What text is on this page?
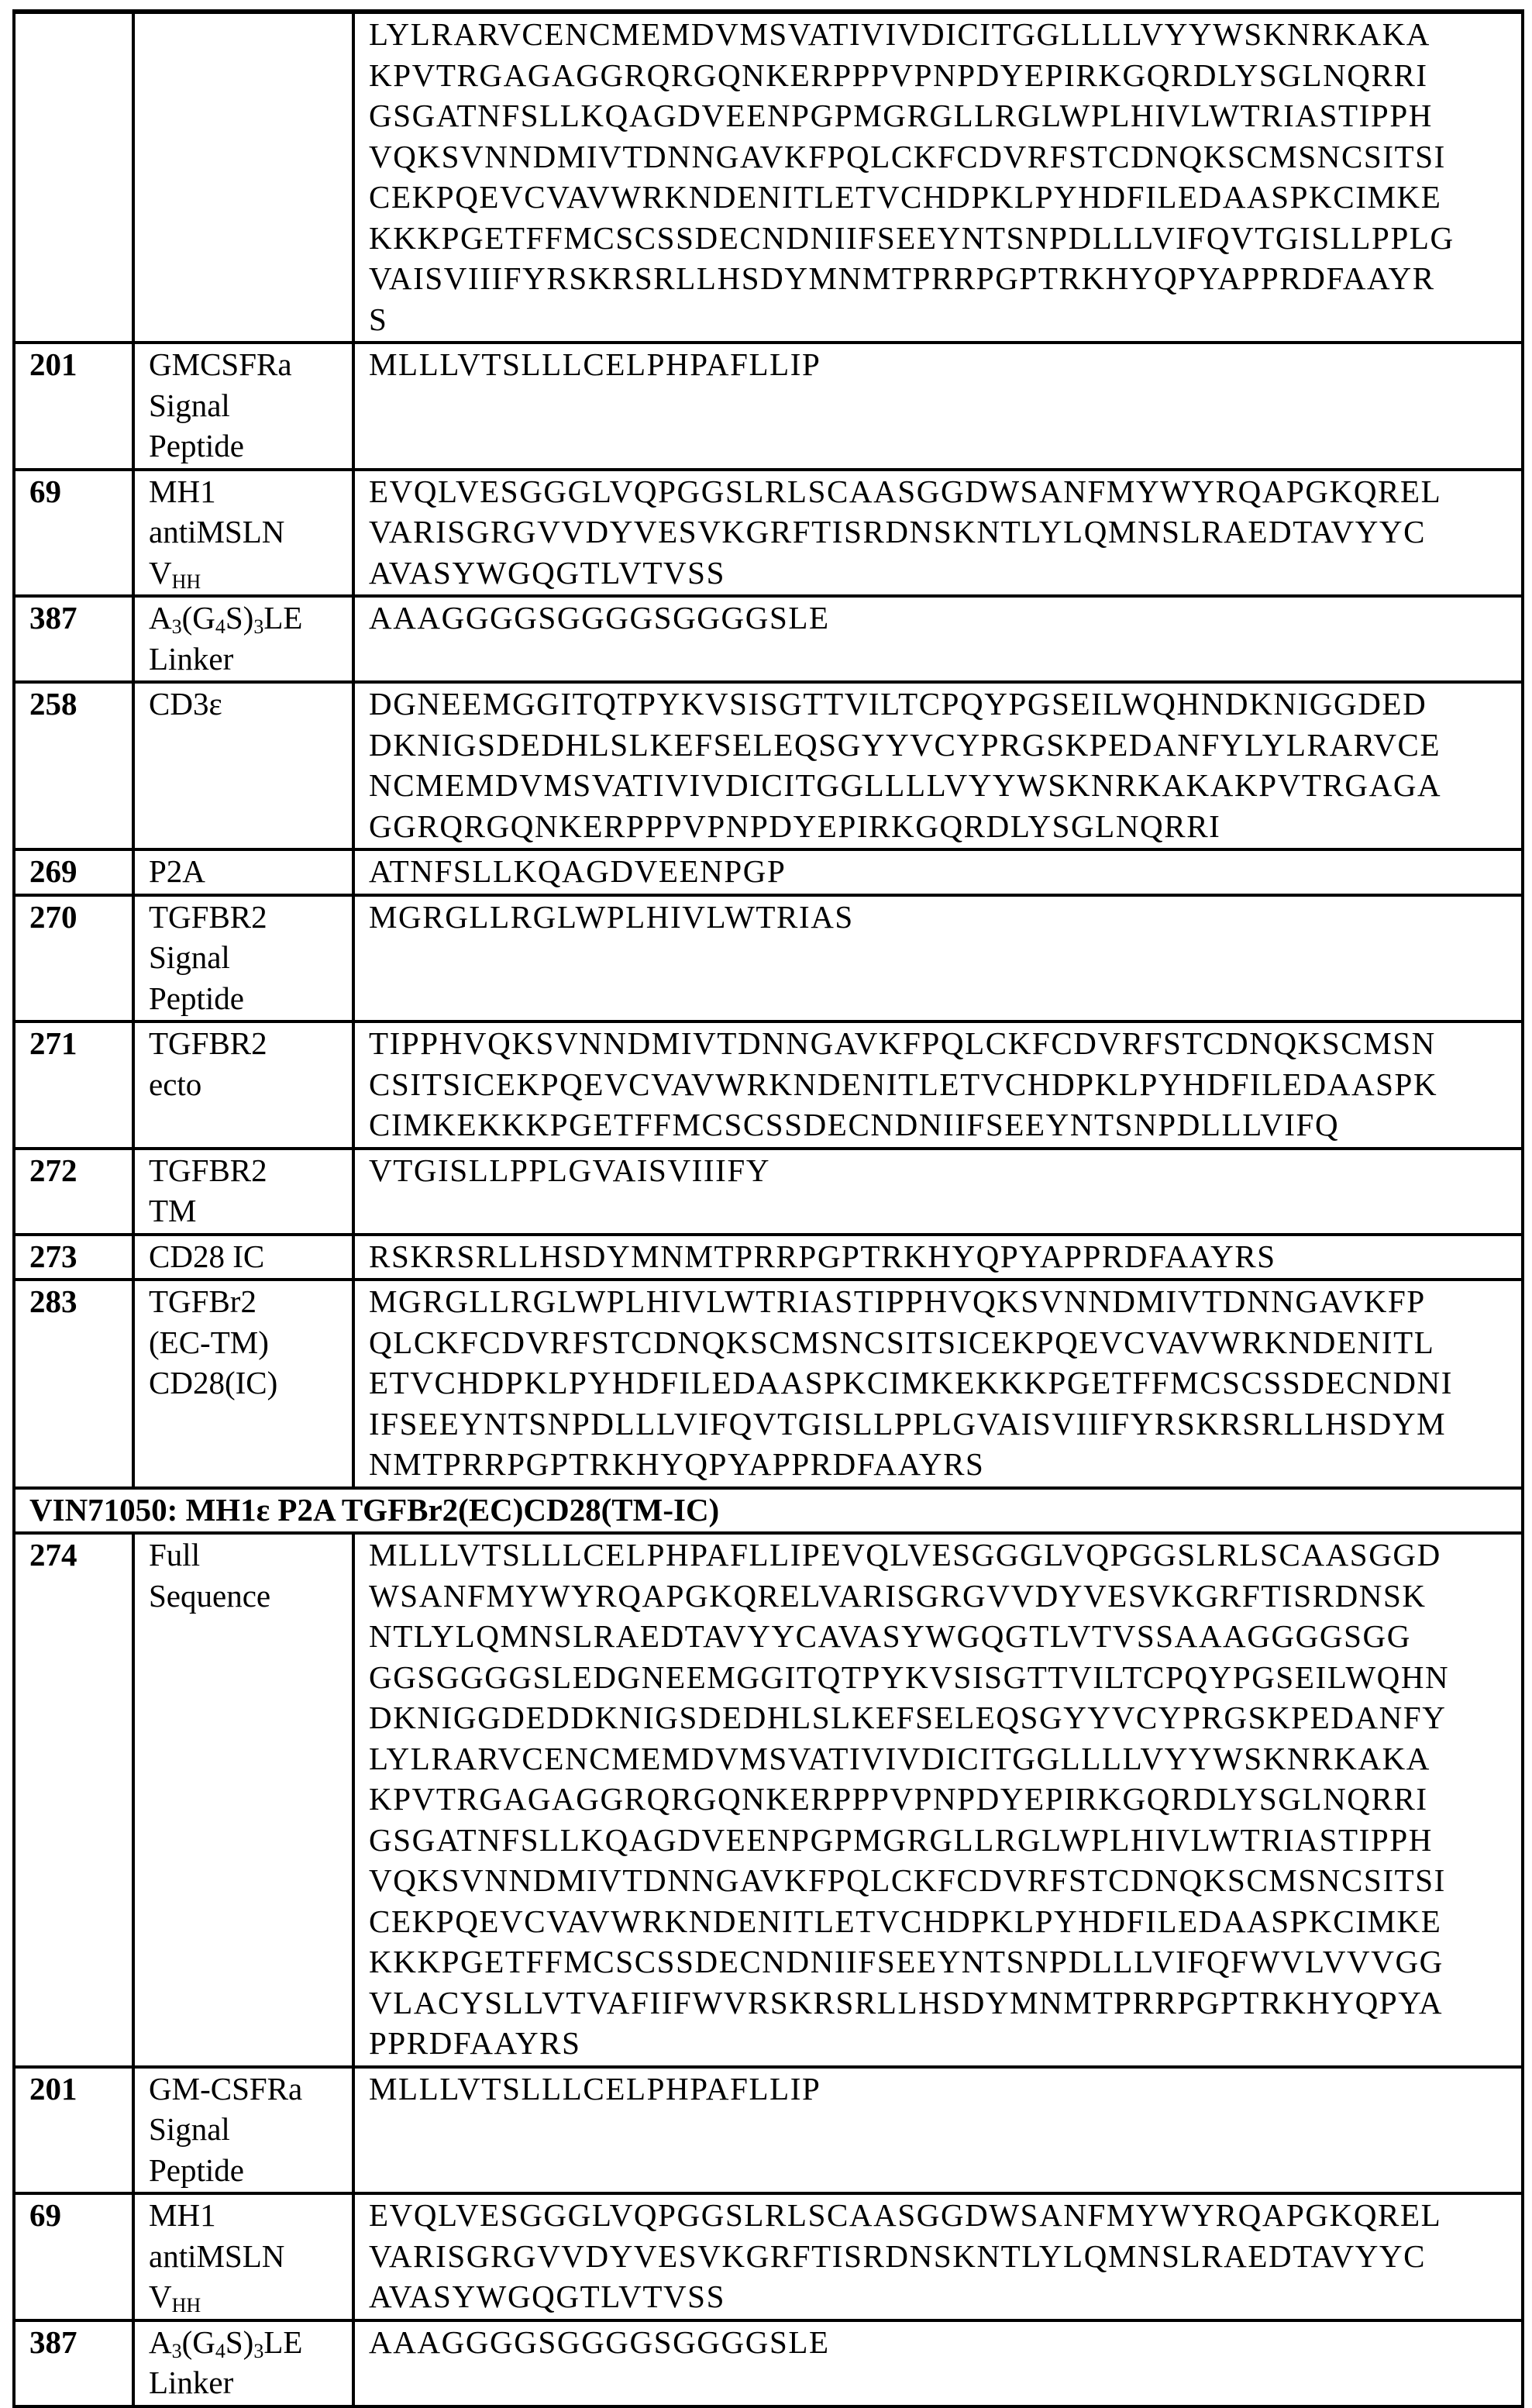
LYLRARVCENCMEMDVMSVATIVIVDICITGGLLLLVYYWSKNRKAKA
KPVTRGAGAGGRQRGQNKERPPPVPNPDYEPIRKGQRDLYSGLNQRRI
GSGATNFSLLKQAGDVEENPGPMGRGLLRGLWPLHIVLWTRIASTIPPH
VQKSVNNDMIVTDNNGAVKFPQLCKFCDVRFSTCDNQKSCMSNCSITSI
CEKPQEVCVAVWRKNDENITLETVCHDPKLPYHDFILEDAASPKCIMKE
KKKPGETFFMCSCSSDECNDNIIFSEEYNTSNPDLLLVIFQVTGISLLPPLG
VAISVIIIFYRSKRSRLLHSDYMNMTPRRPGPTRKHYQPYAPPRDFAAYR
S

201	GMCSFRa
Signal
Peptide

MLLLVTSLLLCELPHPAFLLIP

69	MH1
antiMSLN
VHH

EVQLVESGGGLVQPGGSLRLSCAASGGDWSANFMYWYRQAPGKQREL
VARISGRGVVDYVESVKGRFTISRDNSKNTLYLQMNSLRAEDTAVYYC
AVASYWGQGTLVTVSS

387	A3(G4S)3LE
Linker

AAAGGGGSGGGGSGGGGSLE

258	CD3ε	DGNEEMGGITQTPYKVSISGTTVILTCPQYPGSEILWQHNDKNIGGDED
DKNIGSDEDHLSLKEFSELEQSGYYVCYPRGSKPEDANFYLYLRARVCE
NCMEMDVMSVATIVIVDICITGGLLLLVYYWSKNRKAKAKPVTRGAGA
GGRQRGQNKERPPPVPNPDYEPIRKGQRDLYSGLNQRRI

269	P2A	ATNFSLLKQAGDVEENPGP

270	TGFBR2
Signal
Peptide

MGRGLLRGLWPLHIVLWTRIAS

271	TGFBR2
ecto

TIPPHVQKSVNNDMIVTDNNGAVKFPQLCKFCDVRFSTCDNQKSCMSN
CSITSICEKPQEVCVAVWRKNDENITLETVCHDPKLPYHDFILEDAASPK
CIMKEKKKPGETFFMCSCSSDECNDNIIFSEEYNTSNPDLLLVIFQ

272	TGFBR2
TM

VTGISLLPPLGVAISVIIIFY

273	CD28 IC	RSKRSRLLHSDYMNMTPRRPGPTRKHYQPYAPPRDFAAYRS

283	TGFBr2
(EC-TM)
CD28(IC)

MGRGLLRGLWPLHIVLWTRIASTIPPHVQKSVNNDMIVTDNNGAVKFP
QLCKFCDVRFSTCDNQKSCMSNCSITSICEKPQEVCVAVWRKNDENITL
ETVCHDPKLPYHDFILEDAASPKCIMKEKKKPGETFFMCSCSSDECNDNI
IFSEEYNTSNPDLLLVIFQVTGISLLPPLGVAISVIIIFYRSKRSRLLHSDYM
NMTPRRPGPTRKHYQPYAPPRDFAAYRS

VIN71050: MH1ε P2A TGFBr2(EC)CD28(TM-IC)
274	Full
Sequence

MLLLVTSLLLCELPHPAFLLIPEVQLVESGGGLVQPGGSLRLSCAASGGD
WSANFMYWYRQAPGKQRELVARISGRGVVDYVESVKGRFTISRDNSK
NTLYLQMNSLRAEDTAVYYCAVASYWGQGTLVTVSSAAAGGGGSGG
GGSGGGGSLEDGNEEMGGITQTPYKVSISGTTVILTCPQYPGSEILWQHN
DKNIGGDEDDKNIGSDEDHLSLKEFSELEQSGYYVCYPRGSKPEDANFY
LYLRARVCENCMEMDVMSVATIVIVDICITGGLLLLVYYWSKNRKAKA
KPVTRGAGAGGRQRGQNKERPPPVPNPDYEPIRKGQRDLYSGLNQRRI
GSGATNFSLLKQAGDVEENPGPMGRGLLRGLWPLHIVLWTRIASTIPPH
VQKSVNNDMIVTDNNGAVKFPQLCKFCDVRFSTCDNQKSCMSNCSITSI
CEKPQEVCVAVWRKNDENITLETVCHDPKLPYHDFILEDAASPKCIMKE
KKKPGETFFMCSCSSDECNDNIIFSEEYNTSNPDLLLVIFQFWVLVVVGG
VLACYSLLVTVAFIIFWVRSKRSRLLHSDYMNMTPRRPGPTRKHYQPYA
PPRDFAAYRS

201	GM-CSFRa
Signal
Peptide

MLLLVTSLLLCELPHPAFLLIP

69	MH1
antiMSLN
VHH

EVQLVESGGGLVQPGGSLRLSCAASGGDWSANFMYWYRQAPGKQREL
VARISGRGVVDYVESVKGRFTISRDNSKNTLYLQMNSLRAEDTAVYYC
AVASYWGQGTLVTVSS

387	A3(G4S)3LE
Linker

AAAGGGGSGGGGSGGGGSLE
